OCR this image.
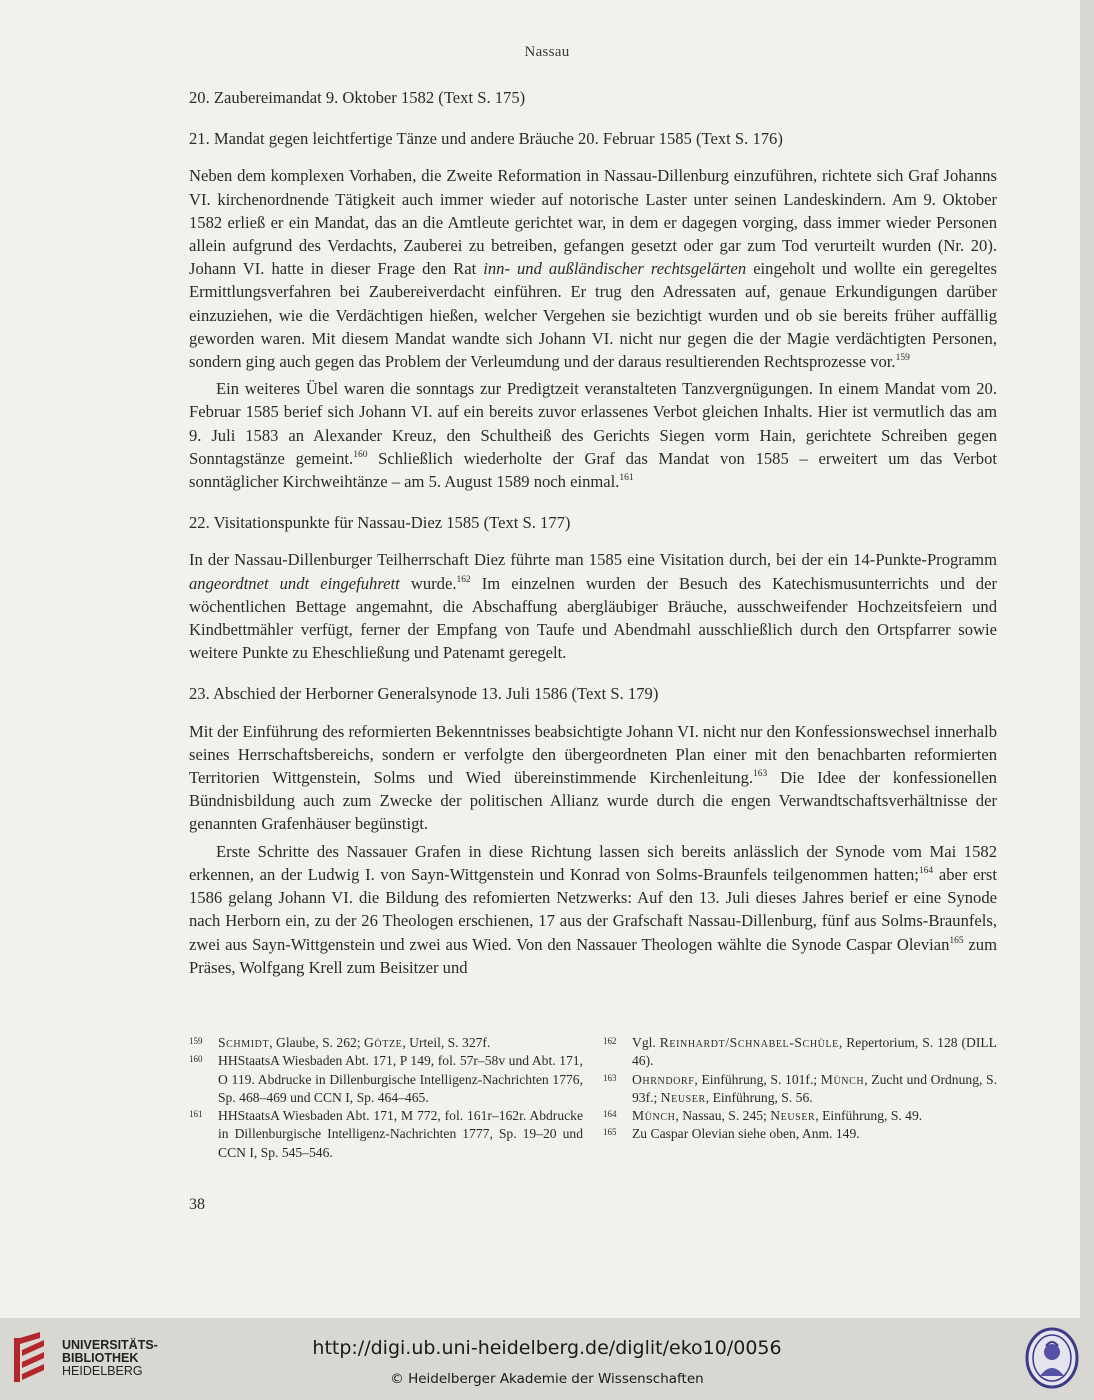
Nassau

20. Zaubereimandat 9. Oktober 1582 (Text S. 175)

21. Mandat gegen leichtfertige Tänze und andere Bräuche 20. Februar 1585 (Text S. 176)

Neben dem komplexen Vorhaben, die Zweite Reformation in Nassau-Dillenburg einzuführen, richtete sich Graf Johanns VI. kirchenordnende Tätigkeit auch immer wieder auf notorische Laster unter seinen Landeskindern. Am 9. Oktober 1582 erließ er ein Mandat, das an die Amtleute gerichtet war, in dem er dagegen vorging, dass immer wieder Personen allein aufgrund des Verdachts, Zauberei zu betreiben, gefangen gesetzt oder gar zum Tod verurteilt wurden (Nr. 20). Johann VI. hatte in dieser Frage den Rat inn- und außländischer rechtsgelärten eingeholt und wollte ein geregeltes Ermittlungsverfahren bei Zaubereiverdacht einführen. Er trug den Adressaten auf, genaue Erkundigungen darüber einzuziehen, wie die Verdächtigen hießen, welcher Vergehen sie bezichtigt wurden und ob sie bereits früher auffällig geworden waren. Mit diesem Mandat wandte sich Johann VI. nicht nur gegen die der Magie verdächtigten Personen, sondern ging auch gegen das Problem der Verleumdung und der daraus resultierenden Rechtsprozesse vor.$^{159}$

Ein weiteres Übel waren die sonntags zur Predigtzeit veranstalteten Tanzvergnügungen. In einem Mandat vom 20. Februar 1585 berief sich Johann VI. auf ein bereits zuvor erlassenes Verbot gleichen Inhalts. Hier ist vermutlich das am 9. Juli 1583 an Alexander Kreuz, den Schultheiß des Gerichts Siegen vorm Hain, gerichtete Schreiben gegen Sonntagstänze gemeint.$^{160}$ Schließlich wiederholte der Graf das Mandat von 1585 – erweitert um das Verbot sonntäglicher Kirchweihtänze – am 5. August 1589 noch einmal.$^{161}$

22. Visitationspunkte für Nassau-Diez 1585 (Text S. 177)

In der Nassau-Dillenburger Teilherrschaft Diez führte man 1585 eine Visitation durch, bei der ein 14-Punkte-Programm angeordtnet undt eingefuhrett wurde.$^{162}$ Im einzelnen wurden der Besuch des Katechismusunterrichts und der wöchentlichen Bettage angemahnt, die Abschaffung abergläubiger Bräuche, ausschweifender Hochzeitsfeiern und Kindbettmähler verfügt, ferner der Empfang von Taufe und Abendmahl ausschließlich durch den Ortspfarrer sowie weitere Punkte zu Eheschließung und Patenamt geregelt.

23. Abschied der Herborner Generalsynode 13. Juli 1586 (Text S. 179)

Mit der Einführung des reformierten Bekenntnisses beabsichtigte Johann VI. nicht nur den Konfessionswechsel innerhalb seines Herrschaftsbereichs, sondern er verfolgte den übergeordneten Plan einer mit den benachbarten reformierten Territorien Wittgenstein, Solms und Wied übereinstimmende Kirchenleitung.$^{163}$ Die Idee der konfessionellen Bündnisbildung auch zum Zwecke der politischen Allianz wurde durch die engen Verwandtschaftsverhältnisse der genannten Grafenhäuser begünstigt.

Erste Schritte des Nassauer Grafen in diese Richtung lassen sich bereits anlässlich der Synode vom Mai 1582 erkennen, an der Ludwig I. von Sayn-Wittgenstein und Konrad von Solms-Braunfels teilgenommen hatten;$^{164}$ aber erst 1586 gelang Johann VI. die Bildung des refomierten Netzwerks: Auf den 13. Juli dieses Jahres berief er eine Synode nach Herborn ein, zu der 26 Theologen erschienen, 17 aus der Grafschaft Nassau-Dillenburg, fünf aus Solms-Braunfels, zwei aus Sayn-Wittgenstein und zwei aus Wied. Von den Nassauer Theologen wählte die Synode Caspar Olevian$^{165}$ zum Präses, Wolfgang Krell zum Beisitzer und

159	Schmidt, Glaube, S. 262; Götze, Urteil, S. 327f.
160	HHStaatsA Wiesbaden Abt. 171, P 149, fol. 57r–58v und Abt. 171, O 119. Abdrucke in Dillenburgische Intelligenz-Nachrichten 1776, Sp. 468–469 und CCN I, Sp. 464–465.
161	HHStaatsA Wiesbaden Abt. 171, M 772, fol. 161r–162r. Abdrucke in Dillenburgische Intelligenz-Nachrichten 1777, Sp. 19–20 und CCN I, Sp. 545–546.
162	Vgl. Reinhardt/Schnabel-Schüle, Repertorium, S. 128 (DILL 46).
163	Ohrndorf, Einführung, S. 101f.; Münch, Zucht und Ordnung, S. 93f.; Neuser, Einführung, S. 56.
164	Münch, Nassau, S. 245; Neuser, Einführung, S. 49.
165	Zu Caspar Olevian siehe oben, Anm. 149.
38
UNIVERSITÄTS-
BIBLIOTHEK
HEIDELBERG
http://digi.ub.uni-heidelberg.de/diglit/eko10/0056
© Heidelberger Akademie der Wissenschaften
